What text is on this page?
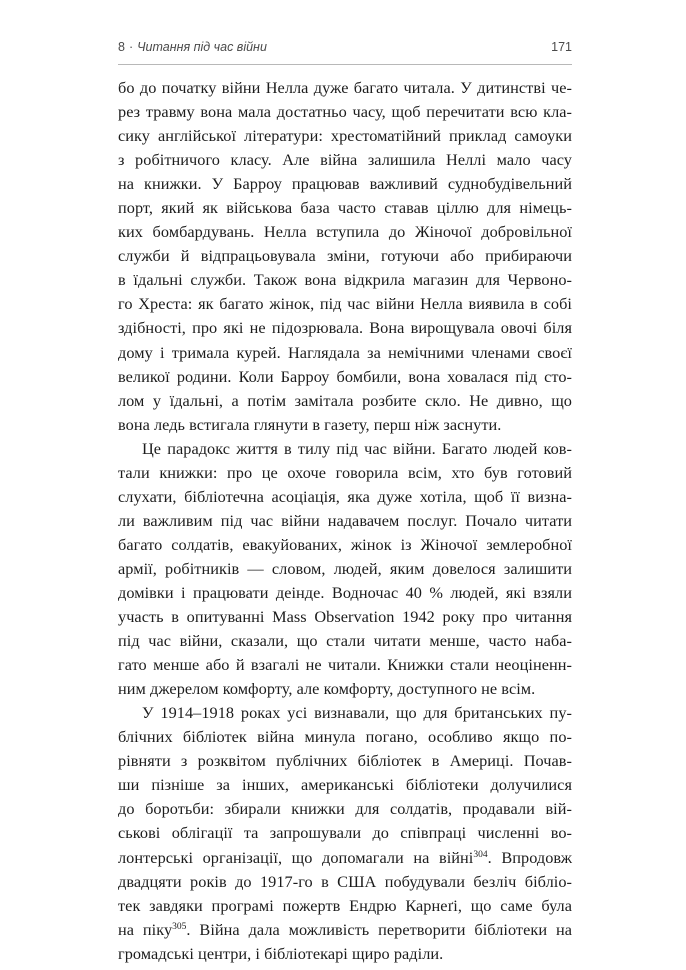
8 · Читання під час війни	171
бо до початку війни Нелла дуже багато читала. У дитинстві че-
рез травму вона мала достатньо часу, щоб перечитати всю кла-
сику англійської літератури: хрестоматійний приклад самоуки
з робітничого класу. Але війна залишила Неллі мало часу
на книжки. У Барроу працював важливий суднобудівельний
порт, який як військова база часто ставав ціллю для німець-
ких бомбардувань. Нелла вступила до Жіночої добровільної
служби й відпрацьовувала зміни, готуючи або прибираючи
в їдальні служби. Також вона відкрила магазин для Червоно-
го Хреста: як багато жінок, під час війни Нелла виявила в собі
здібності, про які не підозрювала. Вона вирощувала овочі біля
дому і тримала курей. Наглядала за немічними членами своєї
великої родини. Коли Барроу бомбили, вона ховалася під сто-
лом у їдальні, а потім замітала розбите скло. Не дивно, що
вона ледь встигала глянути в газету, перш ніж заснути.
Це парадокс життя в тилу під час війни. Багато людей ков-
тали книжки: про це охоче говорила всім, хто був готовий
слухати, бібліотечна асоціація, яка дуже хотіла, щоб її визна-
ли важливим під час війни надавачем послуг. Почало читати
багато солдатів, евакуйованих, жінок із Жіночої землеробної
армії, робітників — словом, людей, яким довелося залишити
домівки і працювати деінде. Водночас 40 % людей, які взяли
участь в опитуванні Mass Observation 1942 року про читання
під час війни, сказали, що стали читати менше, часто наба-
гато менше або й взагалі не читали. Книжки стали неоціненн-
ним джерелом комфорту, але комфорту, доступного не всім.
У 1914–1918 роках усі визнавали, що для британських пу-
блічних бібліотек війна минула погано, особливо якщо по-
рівняти з розквітом публічних бібліотек в Америці. Почав-
ши пізніше за інших, американські бібліотеки долучилися
до боротьби: збирали книжки для солдатів, продавали вій-
ськові облігації та запрошували до співпраці численні во-
лонтерські організації, що допомагали на війні$^{304}$. Впродовж
двадцяти років до 1917-го в США побудували безліч бібліо-
тек завдяки програмі пожертв Ендрю Карнеґі, що саме була
на піку$^{305}$. Війна дала можливість перетворити бібліотеки на
громадські центри, і бібліотекарі щиро раділи.
